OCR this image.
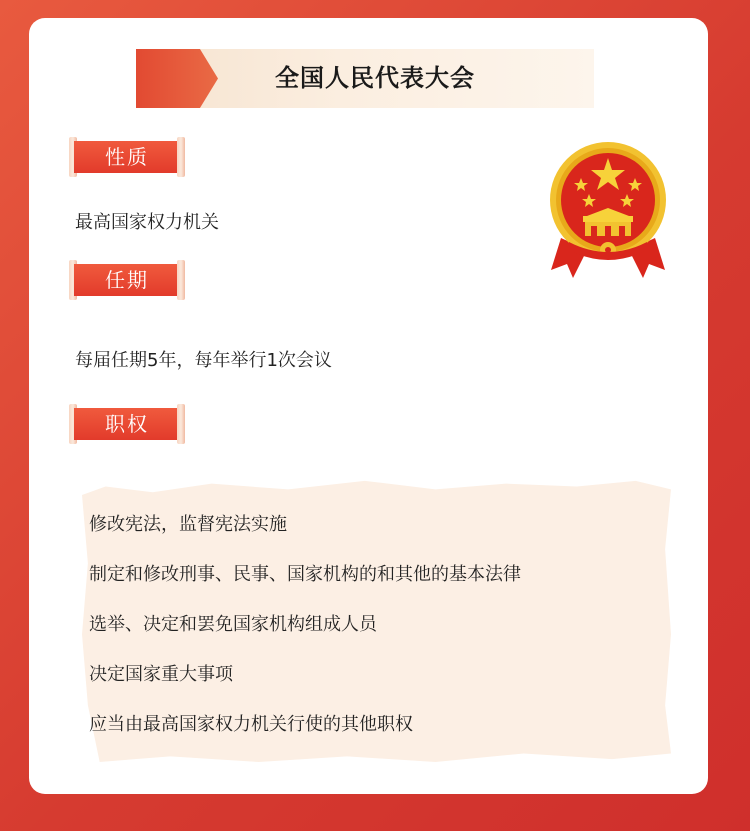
全国人民代表大会
性质
最高国家权力机关
任期
每届任期5年，每年举行1次会议
职权
修改宪法，监督宪法实施
制定和修改刑事、民事、国家机构的和其他的基本法律
选举、决定和罢免国家机构组成人员
决定国家重大事项
应当由最高国家权力机关行使的其他职权
